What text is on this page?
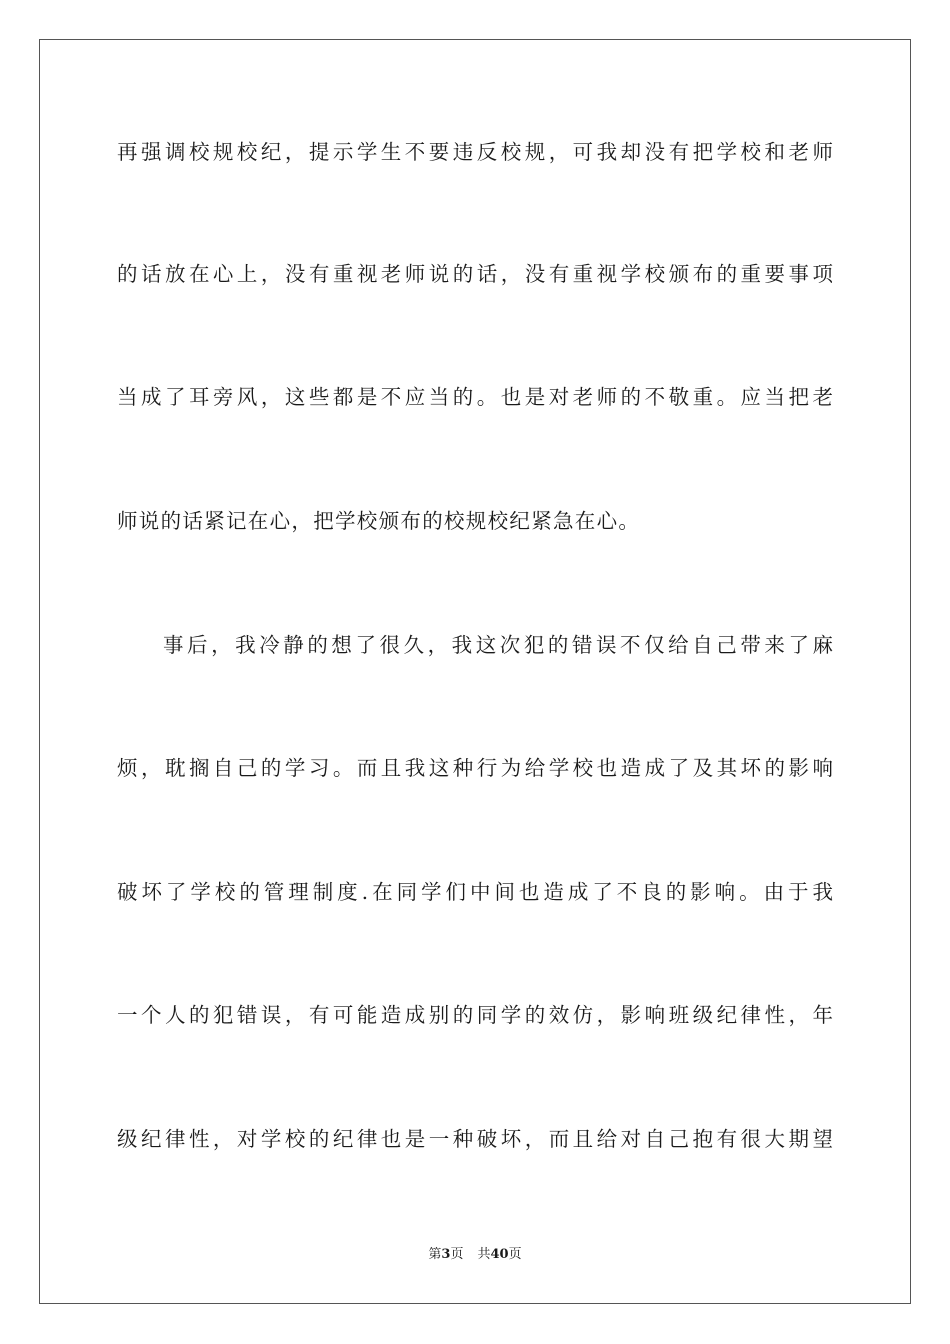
再强调校规校纪，提示学生不要违反校规，可我却没有把学校和老师
的话放在心上，没有重视老师说的话，没有重视学校颁布的重要事项
当成了耳旁风，这些都是不应当的。也是对老师的不敬重。应当把老
师说的话紧记在心，把学校颁布的校规校纪紧急在心。
事后，我冷静的想了很久，我这次犯的错误不仅给自己带来了麻
烦，耽搁自己的学习。而且我这种行为给学校也造成了及其坏的影响
破坏了学校的管理制度.在同学们中间也造成了不良的影响。由于我
一个人的犯错误，有可能造成别的同学的效仿，影响班级纪律性，年
级纪律性，对学校的纪律也是一种破坏，而且给对自己抱有很大期望
第3页 共40页
